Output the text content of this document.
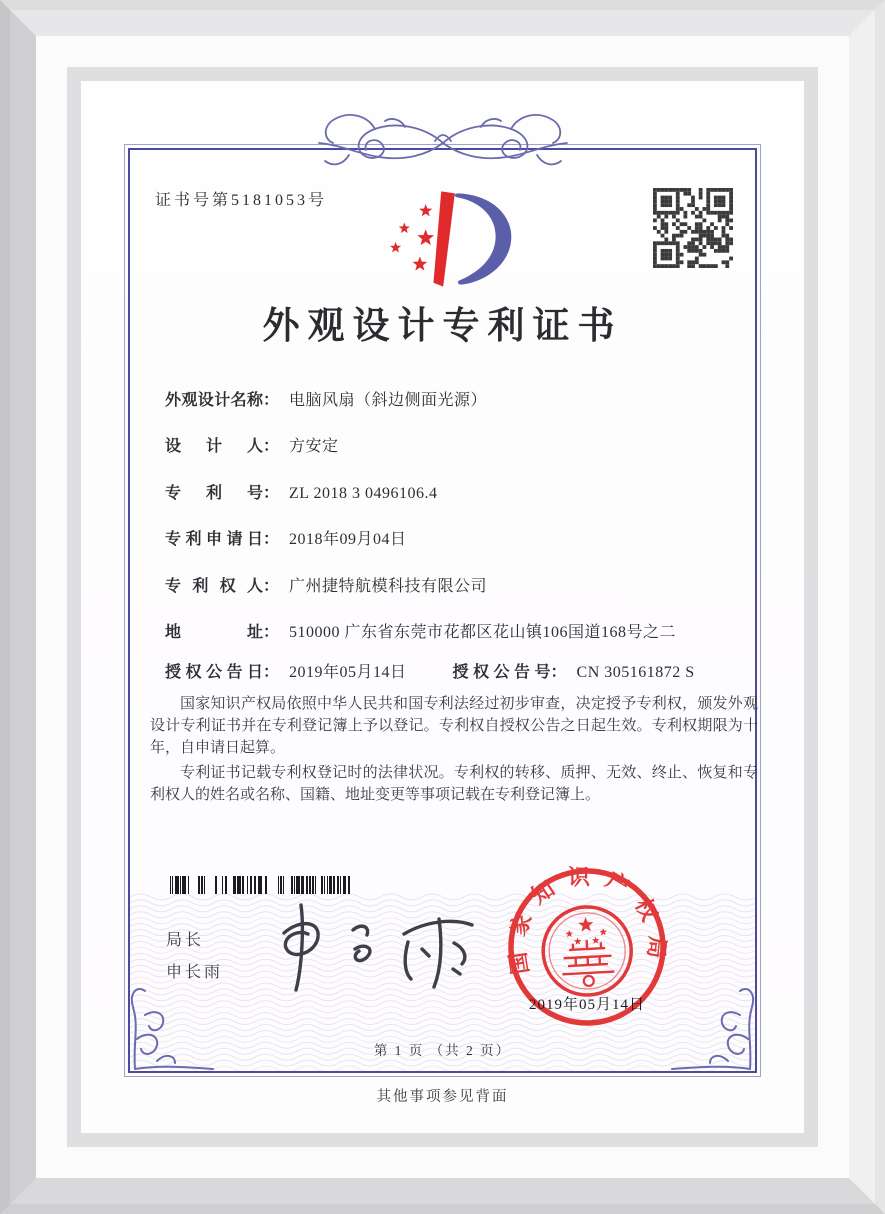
证书号第5181053号
外观设计专利证书
外观设计名称 ： 电脑风扇（斜边侧面光源）
设计人 ： 方安定
专利号 ： ZL 2018 3 0496106.4
专利申请日 ： 2018年09月04日
专利权人 ： 广州捷特航模科技有限公司
地址 ： 510000 广东省东莞市花都区花山镇106国道168号之二
授权公告日 ： 2019年05月14日	授权公告号 ： CN 305161872 S

国家知识产权局依照中华人民共和国专利法经过初步审查，决定授予专利权，颁发外观设计专利证书并在专利登记簿上予以登记。专利权自授权公告之日起生效。专利权期限为十年，自申请日起算。

专利证书记载专利权登记时的法律状况。专利权的转移、质押、无效、终止、恢复和专利权人的姓名或名称、国籍、地址变更等事项记载在专利登记簿上。

局长
申长雨	国家知识产权局
2019年05月14日
第 1 页 （共 2 页）
其他事项参见背面
